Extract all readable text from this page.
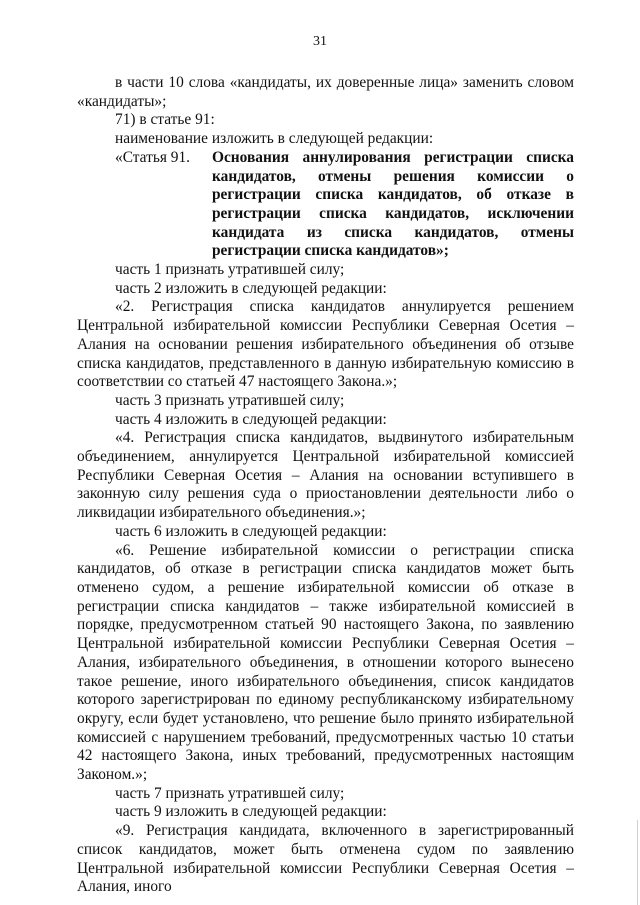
31

в части 10 слова «кандидаты, их доверенные лица» заменить словом «кандидаты»;

71) в статье 91:

наименование изложить в следующей редакции:

«Статья 91.	Основания аннулирования регистрации списка кандидатов, отмены решения комиссии о регистрации списка кандидатов, об отказе в регистрации списка кандидатов, исключении кандидата из списка кандидатов, отмены регистрации списка кандидатов»;

часть 1 признать утратившей силу;

часть 2 изложить в следующей редакции:

«2. Регистрация списка кандидатов аннулируется решением Центральной избирательной комиссии Республики Северная Осетия – Алания на основании решения избирательного объединения об отзыве списка кандидатов, представленного в данную избирательную комиссию в соответствии со статьей 47 настоящего Закона.»;

часть 3 признать утратившей силу;

часть 4 изложить в следующей редакции:

«4. Регистрация списка кандидатов, выдвинутого избирательным объединением, аннулируется Центральной избирательной комиссией Республики Северная Осетия – Алания на основании вступившего в законную силу решения суда о приостановлении деятельности либо о ликвидации избирательного объединения.»;

часть 6 изложить в следующей редакции:

«6. Решение избирательной комиссии о регистрации списка кандидатов, об отказе в регистрации списка кандидатов может быть отменено судом, а решение избирательной комиссии об отказе в регистрации списка кандидатов – также избирательной комиссией в порядке, предусмотренном статьей 90 настоящего Закона, по заявлению Центральной избирательной комиссии Республики Северная Осетия – Алания, избирательного объединения, в отношении которого вынесено такое решение, иного избирательного объединения, список кандидатов которого зарегистрирован по единому республиканскому избирательному округу, если будет установлено, что решение было принято избирательной комиссией с нарушением требований, предусмотренных частью 10 статьи 42 настоящего Закона, иных требований, предусмотренных настоящим Законом.»;

часть 7 признать утратившей силу;

часть 9 изложить в следующей редакции:

«9. Регистрация кандидата, включенного в зарегистрированный список кандидатов, может быть отменена судом по заявлению Центральной избирательной комиссии Республики Северная Осетия – Алания, иного
